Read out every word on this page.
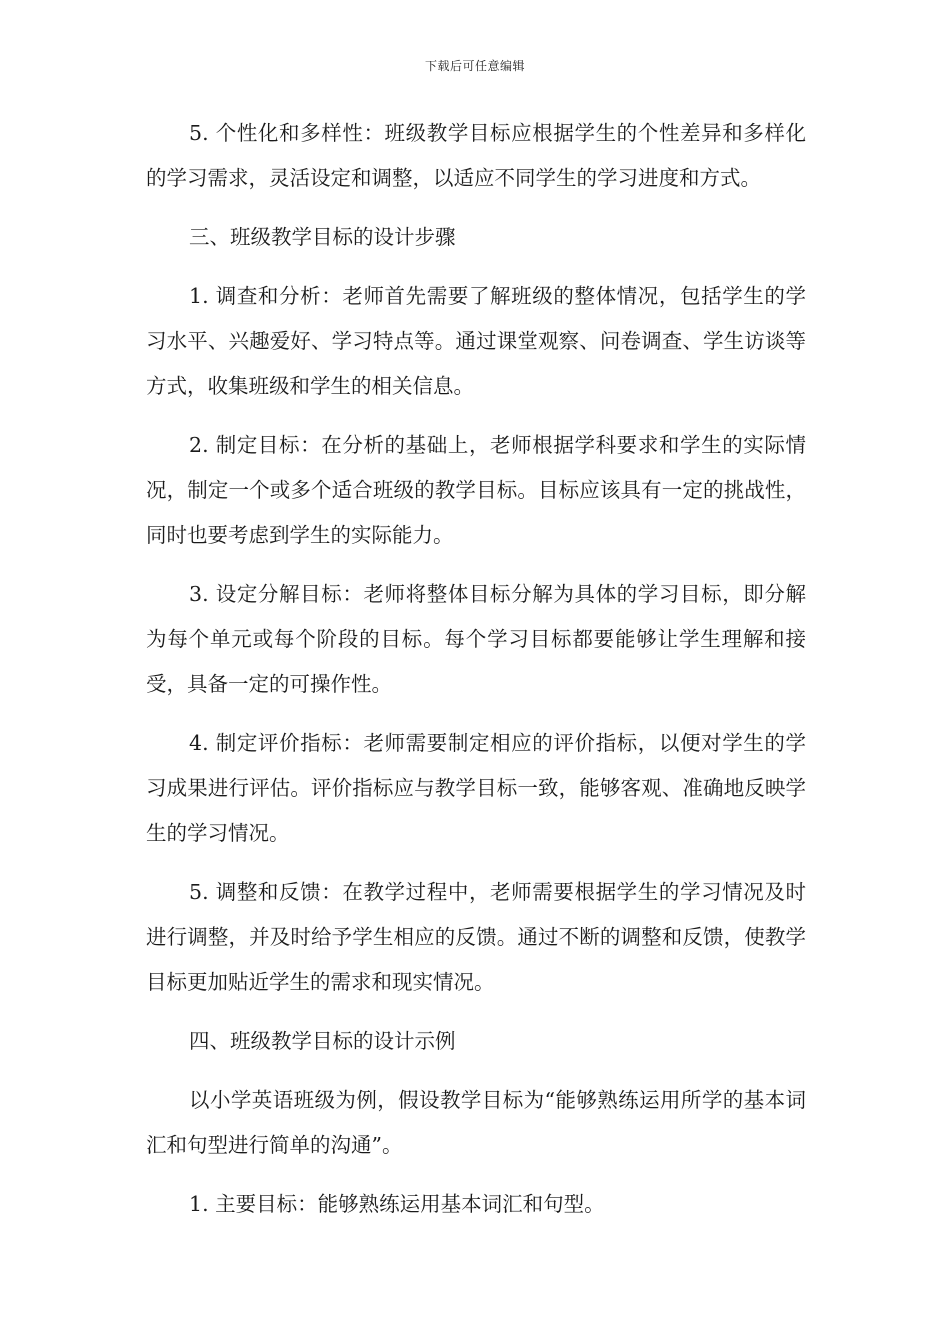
下载后可任意编辑

5. 个性化和多样性：班级教学目标应根据学生的个性差异和多样化的学习需求，灵活设定和调整，以适应不同学生的学习进度和方式。

三、班级教学目标的设计步骤

1. 调查和分析：老师首先需要了解班级的整体情况，包括学生的学习水平、兴趣爱好、学习特点等。通过课堂观察、问卷调查、学生访谈等方式，收集班级和学生的相关信息。

2. 制定目标：在分析的基础上，老师根据学科要求和学生的实际情况，制定一个或多个适合班级的教学目标。目标应该具有一定的挑战性，同时也要考虑到学生的实际能力。

3. 设定分解目标：老师将整体目标分解为具体的学习目标，即分解为每个单元或每个阶段的目标。每个学习目标都要能够让学生理解和接受，具备一定的可操作性。

4. 制定评价指标：老师需要制定相应的评价指标，以便对学生的学习成果进行评估。评价指标应与教学目标一致，能够客观、准确地反映学生的学习情况。

5. 调整和反馈：在教学过程中，老师需要根据学生的学习情况及时进行调整，并及时给予学生相应的反馈。通过不断的调整和反馈，使教学目标更加贴近学生的需求和现实情况。

四、班级教学目标的设计示例

以小学英语班级为例，假设教学目标为“能够熟练运用所学的基本词汇和句型进行简单的沟通”。

1. 主要目标：能够熟练运用基本词汇和句型。
